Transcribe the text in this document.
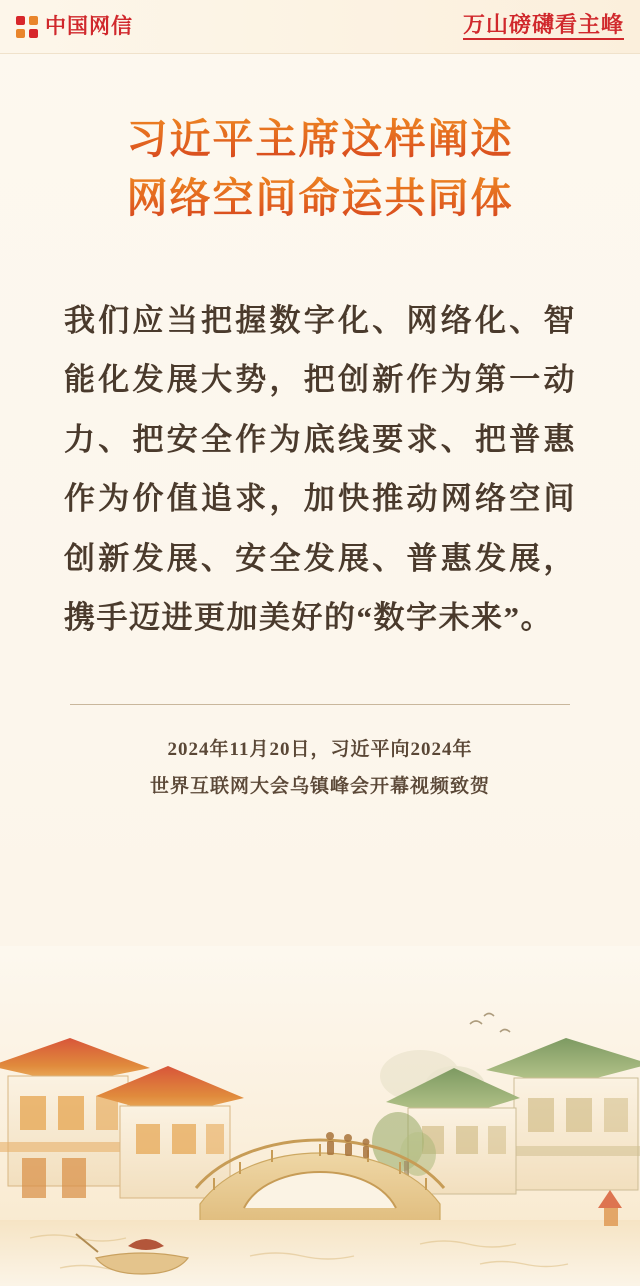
中国网信	万山磅礴看主峰
习近平主席这样阐述
网络空间命运共同体
我们应当把握数字化、网络化、智能化发展大势，把创新作为第一动力、把安全作为底线要求、把普惠作为价值追求，加快推动网络空间创新发展、安全发展、普惠发展，携手迈进更加美好的“数字未来”。
2024年11月20日，习近平向2024年
世界互联网大会乌镇峰会开幕视频致贺
